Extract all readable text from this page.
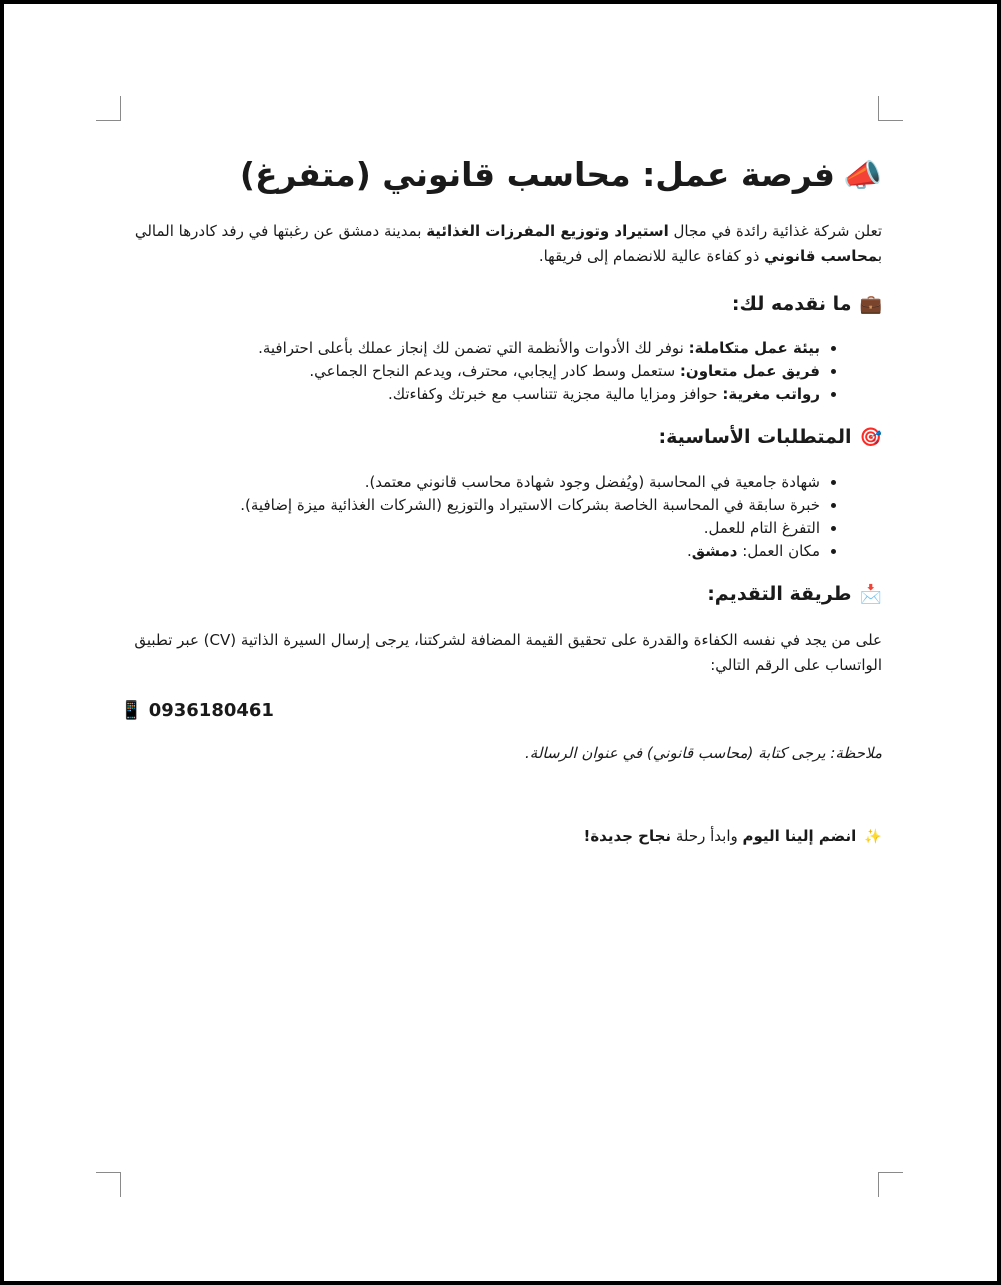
📣فرصة عمل: محاسب قانوني (متفرغ)

تعلن شركة غذائية رائدة في مجال استيراد وتوزيع المفرزات الغذائية بمدينة دمشق عن رغبتها في رفد كادرها المالي بمحاسب قانوني ذو كفاءة عالية للانضمام إلى فريقها.

💼ما نقدمه لك:
• بيئة عمل متكاملة: نوفر لك الأدوات والأنظمة التي تضمن لك إنجاز عملك بأعلى احترافية.
• فريق عمل متعاون: ستعمل وسط كادر إيجابي، محترف، ويدعم النجاح الجماعي.
• رواتب مغرية: حوافز ومزايا مالية مجزية تتناسب مع خبرتك وكفاءتك.
🎯المتطلبات الأساسية:
• شهادة جامعية في المحاسبة (ويُفضل وجود شهادة محاسب قانوني معتمد).
• خبرة سابقة في المحاسبة الخاصة بشركات الاستيراد والتوزيع (الشركات الغذائية ميزة إضافية).
• التفرغ التام للعمل.
• مكان العمل: دمشق.
📩طريقة التقديم:

على من يجد في نفسه الكفاءة والقدرة على تحقيق القيمة المضافة لشركتنا، يرجى إرسال السيرة الذاتية (CV) عبر تطبيق الواتساب على الرقم التالي:

📱 0936180461

ملاحظة: يرجى كتابة (محاسب قانوني) في عنوان الرسالة.

✨انضم إلينا اليوم وابدأ رحلة نجاح جديدة!
